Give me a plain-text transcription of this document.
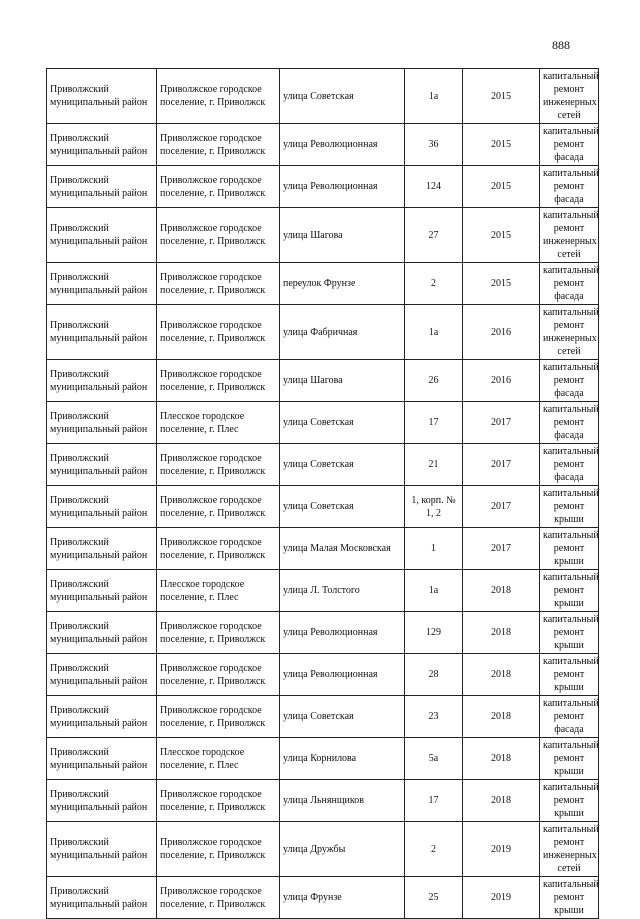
888
Приволжский муниципальный район	Приволжское городское поселение, г. Приволжск	улица Советская	1а	2015	капитальный ремонт инженерных сетей
Приволжский муниципальный район	Приволжское городское поселение, г. Приволжск	улица Революционная	36	2015	капитальный ремонт фасада
Приволжский муниципальный район	Приволжское городское поселение, г. Приволжск	улица Революционная	124	2015	капитальный ремонт фасада
Приволжский муниципальный район	Приволжское городское поселение, г. Приволжск	улица Шагова	27	2015	капитальный ремонт инженерных сетей
Приволжский муниципальный район	Приволжское городское поселение, г. Приволжск	переулок Фрунзе	2	2015	капитальный ремонт фасада
Приволжский муниципальный район	Приволжское городское поселение, г. Приволжск	улица Фабричная	1а	2016	капитальный ремонт инженерных сетей
Приволжский муниципальный район	Приволжское городское поселение, г. Приволжск	улица Шагова	26	2016	капитальный ремонт фасада
Приволжский муниципальный район	Плесское городское поселение, г. Плес	улица Советская	17	2017	капитальный ремонт фасада
Приволжский муниципальный район	Приволжское городское поселение, г. Приволжск	улица Советская	21	2017	капитальный ремонт фасада
Приволжский муниципальный район	Приволжское городское поселение, г. Приволжск	улица Советская	1, корп. № 1, 2	2017	капитальный ремонт крыши
Приволжский муниципальный район	Приволжское городское поселение, г. Приволжск	улица Малая Московская	1	2017	капитальный ремонт крыши
Приволжский муниципальный район	Плесское городское поселение, г. Плес	улица Л. Толстого	1а	2018	капитальный ремонт крыши
Приволжский муниципальный район	Приволжское городское поселение, г. Приволжск	улица Революционная	129	2018	капитальный ремонт крыши
Приволжский муниципальный район	Приволжское городское поселение, г. Приволжск	улица Революционная	28	2018	капитальный ремонт крыши
Приволжский муниципальный район	Приволжское городское поселение, г. Приволжск	улица Советская	23	2018	капитальный ремонт фасада
Приволжский муниципальный район	Плесское городское поселение, г. Плес	улица Корнилова	5а	2018	капитальный ремонт крыши
Приволжский муниципальный район	Приволжское городское поселение, г. Приволжск	улица Льнянщиков	17	2018	капитальный ремонт крыши
Приволжский муниципальный район	Приволжское городское поселение, г. Приволжск	улица Дружбы	2	2019	капитальный ремонт инженерных сетей
Приволжский муниципальный район	Приволжское городское поселение, г. Приволжск	улица Фрунзе	25	2019	капитальный ремонт крыши
